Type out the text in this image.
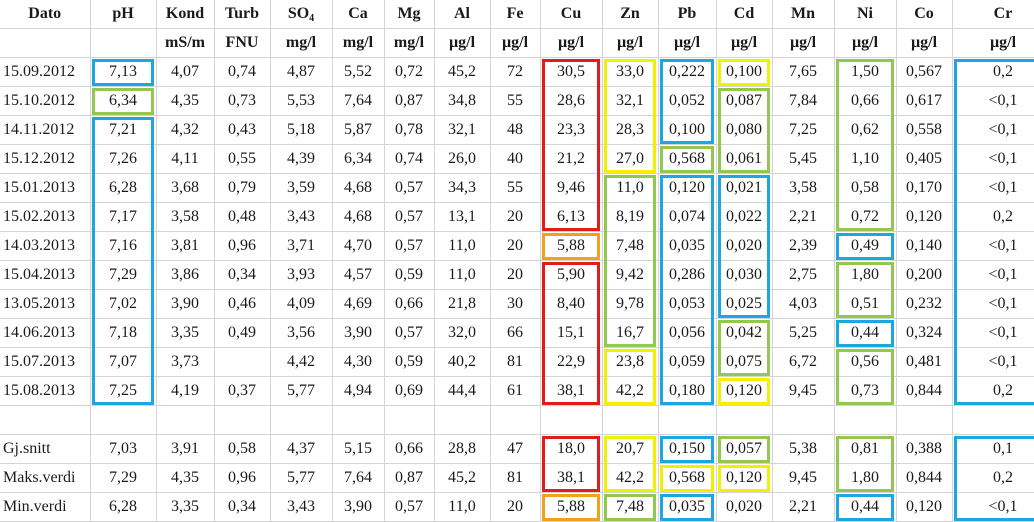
Dato	pH	Kond	Turb	$SO_4$	Ca	Mg	Al	Fe	Cu	Zn	Pb	Cd	Mn	Ni	Co	Cr
		mS/m	FNU	mg/l	mg/l	mg/l	µg/l	µg/l	µg/l	µg/l	µg/l	µg/l	µg/l	µg/l	µg/l	µg/l
15.09.2012	7,13	4,07	0,74	4,87	5,52	0,72	45,2	72	30,5	33,0	0,222	0,100	7,65	1,50	0,567	0,2
15.10.2012	6,34	4,35	0,73	5,53	7,64	0,87	34,8	55	28,6	32,1	0,052	0,087	7,84	0,66	0,617	<0,1
14.11.2012	7,21	4,32	0,43	5,18	5,87	0,78	32,1	48	23,3	28,3	0,100	0,080	7,25	0,62	0,558	<0,1
15.12.2012	7,26	4,11	0,55	4,39	6,34	0,74	26,0	40	21,2	27,0	0,568	0,061	5,45	1,10	0,405	<0,1
15.01.2013	6,28	3,68	0,79	3,59	4,68	0,57	34,3	55	9,46	11,0	0,120	0,021	3,58	0,58	0,170	<0,1
15.02.2013	7,17	3,58	0,48	3,43	4,68	0,57	13,1	20	6,13	8,19	0,074	0,022	2,21	0,72	0,120	0,2
14.03.2013	7,16	3,81	0,96	3,71	4,70	0,57	11,0	20	5,88	7,48	0,035	0,020	2,39	0,49	0,140	<0,1
15.04.2013	7,29	3,86	0,34	3,93	4,57	0,59	11,0	20	5,90	9,42	0,286	0,030	2,75	1,80	0,200	<0,1
13.05.2013	7,02	3,90	0,46	4,09	4,69	0,66	21,8	30	8,40	9,78	0,053	0,025	4,03	0,51	0,232	<0,1
14.06.2013	7,18	3,35	0,49	3,56	3,90	0,57	32,0	66	15,1	16,7	0,056	0,042	5,25	0,44	0,324	<0,1
15.07.2013	7,07	3,73		4,42	4,30	0,59	40,2	81	22,9	23,8	0,059	0,075	6,72	0,56	0,481	<0,1
15.08.2013	7,25	4,19	0,37	5,77	4,94	0,69	44,4	61	38,1	42,2	0,180	0,120	9,45	0,73	0,844	0,2

Gj.snitt	7,03	3,91	0,58	4,37	5,15	0,66	28,8	47	18,0	20,7	0,150	0,057	5,38	0,81	0,388	0,1
Maks.verdi	7,29	4,35	0,96	5,77	7,64	0,87	45,2	81	38,1	42,2	0,568	0,120	9,45	1,80	0,844	0,2
Min.verdi	6,28	3,35	0,34	3,43	3,90	0,57	11,0	20	5,88	7,48	0,035	0,020	2,21	0,44	0,120	<0,1
